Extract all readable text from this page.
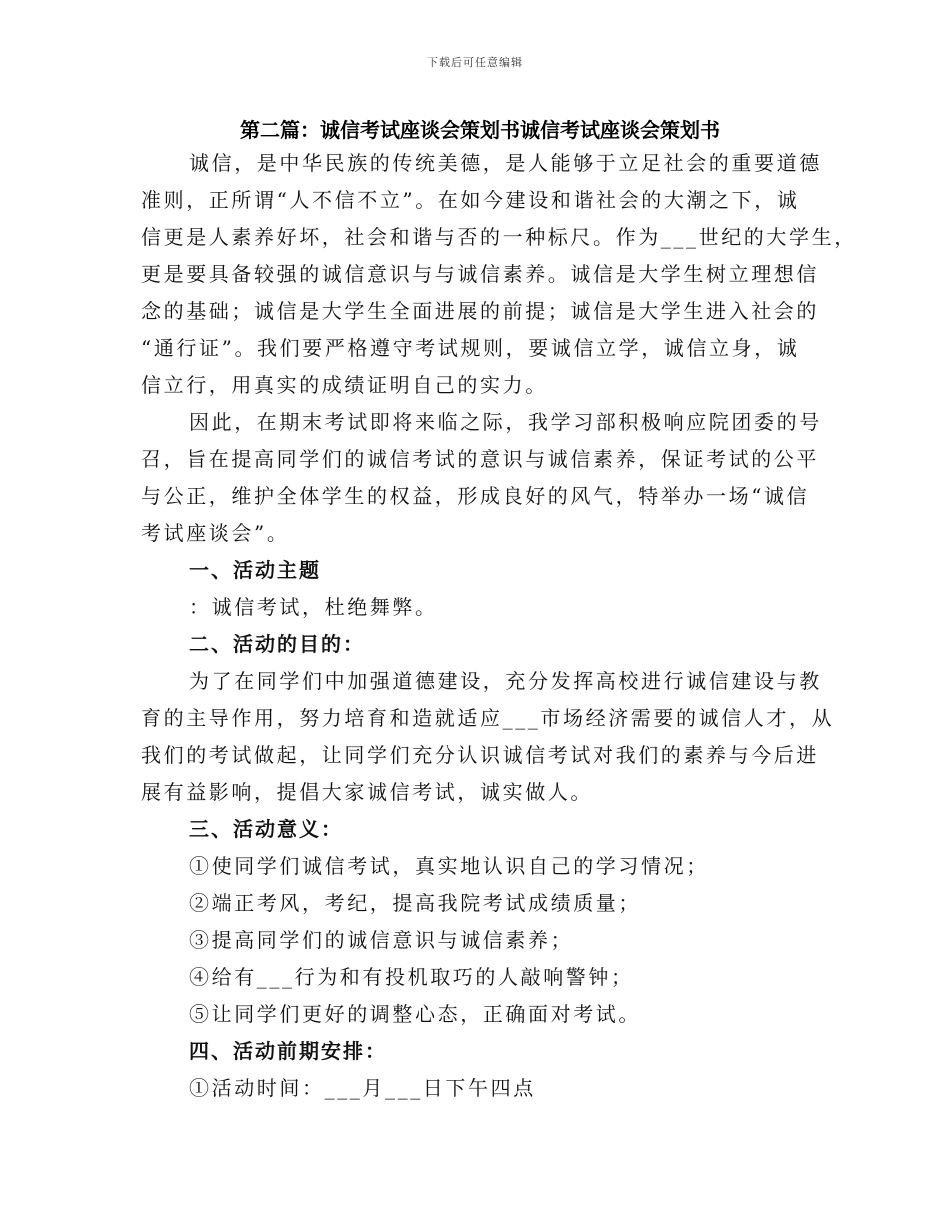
下载后可任意编辑
第二篇：诚信考试座谈会策划书诚信考试座谈会策划书
诚信，是中华民族的传统美德，是人能够于立足社会的重要道德
准则，正所谓“人不信不立”。在如今建设和谐社会的大潮之下，诚
信更是人素养好坏，社会和谐与否的一种标尺。作为___世纪的大学生，
更是要具备较强的诚信意识与与诚信素养。诚信是大学生树立理想信
念的基础；诚信是大学生全面进展的前提；诚信是大学生进入社会的
“通行证”。我们要严格遵守考试规则，要诚信立学，诚信立身，诚
信立行，用真实的成绩证明自己的实力。
因此，在期末考试即将来临之际，我学习部积极响应院团委的号
召，旨在提高同学们的诚信考试的意识与诚信素养，保证考试的公平
与公正，维护全体学生的权益，形成良好的风气，特举办一场“诚信
考试座谈会”。
一、活动主题
：诚信考试，杜绝舞弊。
二、活动的目的：
为了在同学们中加强道德建设，充分发挥高校进行诚信建设与教
育的主导作用，努力培育和造就适应___市场经济需要的诚信人才，从
我们的考试做起，让同学们充分认识诚信考试对我们的素养与今后进
展有益影响，提倡大家诚信考试，诚实做人。
三、活动意义：
①使同学们诚信考试，真实地认识自己的学习情况；
②端正考风，考纪，提高我院考试成绩质量；
③提高同学们的诚信意识与诚信素养；
④给有___行为和有投机取巧的人敲响警钟；
⑤让同学们更好的调整心态，正确面对考试。
四、活动前期安排：
①活动时间：___月___日下午四点
